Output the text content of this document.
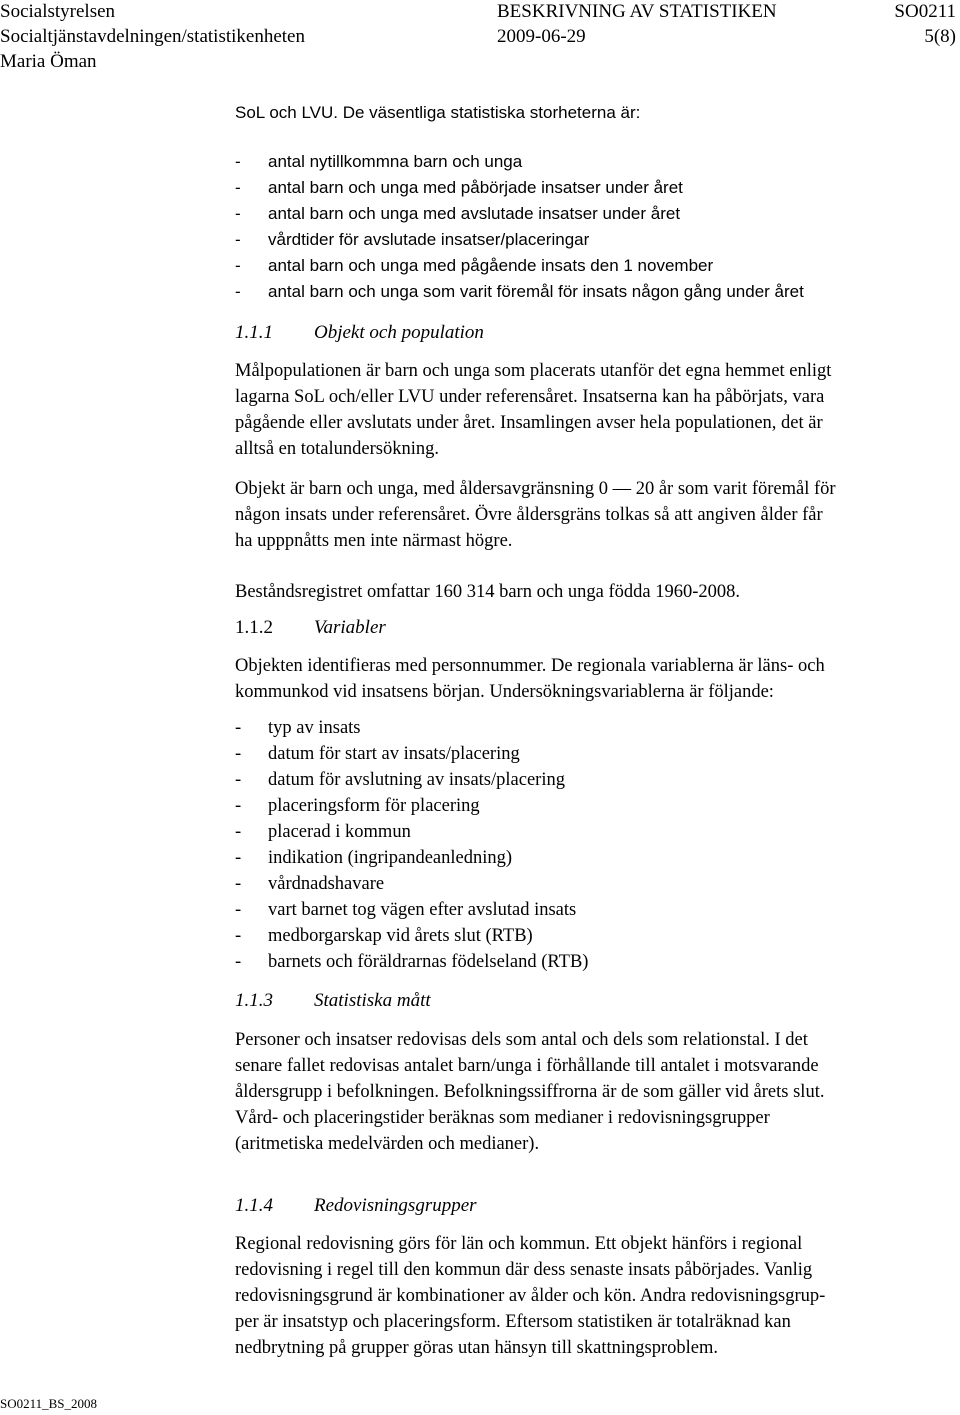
Socialstyrelsen	BESKRIVNING AV STATISTIKEN	SO0211
Socialtjänstavdelningen/statistikenheten	2009-06-29	5(8)
Maria Öman
SoL och LVU. De väsentliga statistiska storheterna är:
- antal nytillkommna barn och unga
- antal barn och unga med påbörjade insatser under året
- antal barn och unga med avslutade insatser under året
- vårdtider för avslutade insatser/placeringar
- antal barn och unga med pågående insats den 1 november
- antal barn och unga som varit föremål för insats någon gång under året
1.1.1 Objekt och population
Målpopulationen är barn och unga som placerats utanför det egna hemmet enligt
lagarna SoL och/eller LVU under referensåret. Insatserna kan ha påbörjats, vara
pågående eller avslutats under året. Insamlingen avser hela populationen, det är
alltså en totalundersökning.
Objekt är barn och unga, med åldersavgränsning 0 — 20 år som varit föremål för
någon insats under referensåret. Övre åldersgräns tolkas så att angiven ålder får
ha upppnåtts men inte närmast högre.
Beståndsregistret omfattar 160 314 barn och unga födda 1960-2008.
1.1.2 Variabler
Objekten identifieras med personnummer. De regionala variablerna är läns- och
kommunkod vid insatsens början. Undersökningsvariablerna är följande:
- typ av insats
- datum för start av insats/placering
- datum för avslutning av insats/placering
- placeringsform för placering
- placerad i kommun
- indikation (ingripandeanledning)
- vårdnadshavare
- vart barnet tog vägen efter avslutad insats
- medborgarskap vid årets slut (RTB)
- barnets och föräldrarnas födelseland (RTB)
1.1.3 Statistiska mått
Personer och insatser redovisas dels som antal och dels som relationstal. I det
senare fallet redovisas antalet barn/unga i förhållande till antalet i motsvarande
åldersgrupp i befolkningen. Befolkningssiffrorna är de som gäller vid årets slut.
Vård- och placeringstider beräknas som medianer i redovisningsgrupper
(aritmetiska medelvärden och medianer).
1.1.4 Redovisningsgrupper
Regional redovisning görs för län och kommun. Ett objekt hänförs i regional
redovisning i regel till den kommun där dess senaste insats påbörjades. Vanlig
redovisningsgrund är kombinationer av ålder och kön. Andra redovisningsgrup-
per är insatstyp och placeringsform. Eftersom statistiken är totalräknad kan
nedbrytning på grupper göras utan hänsyn till skattningsproblem.
SO0211_BS_2008
